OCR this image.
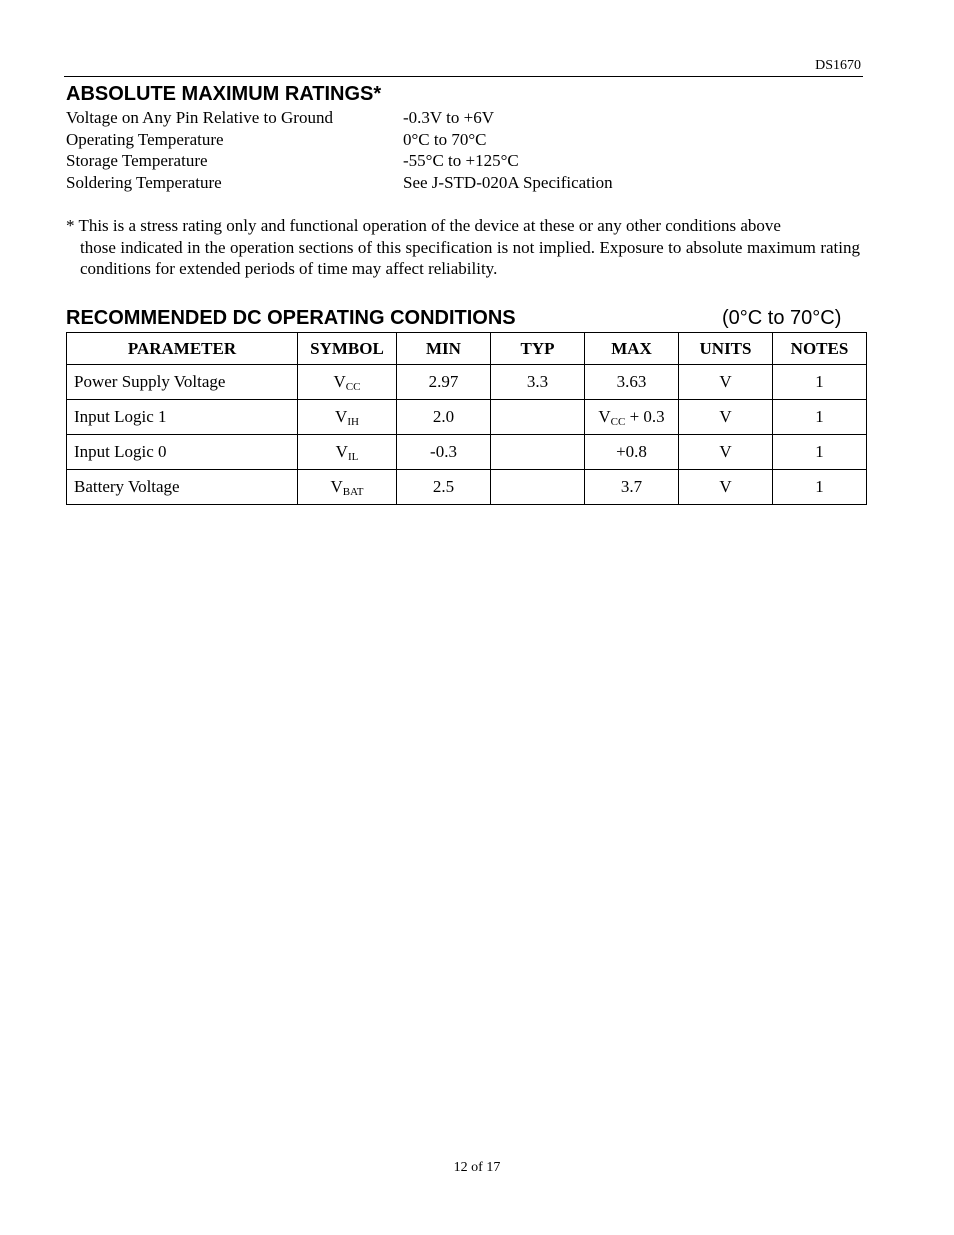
DS1670
ABSOLUTE MAXIMUM RATINGS*
Voltage on Any Pin Relative to Ground	-0.3V to +6V
Operating Temperature	0°C to 70°C
Storage Temperature	-55°C to +125°C
Soldering Temperature	See J-STD-020A Specification
* This is a stress rating only and functional operation of the device at these or any other conditions above
those indicated in the operation sections of this specification is not implied. Exposure to absolute maximum rating conditions for extended periods of time may affect reliability.
RECOMMENDED DC OPERATING CONDITIONS	(0°C to 70°C)
PARAMETER	SYMBOL	MIN	TYP	MAX	UNITS	NOTES
Power Supply Voltage	$V_{CC}$	2.97	3.3	3.63	V	1
Input Logic 1	$V_{IH}$	2.0		$V_{CC} + 0.3$	V	1
Input Logic 0	$V_{IL}$	-0.3		+0.8	V	1
Battery Voltage	$V_{BAT}$	2.5		3.7	V	1
12 of 17
